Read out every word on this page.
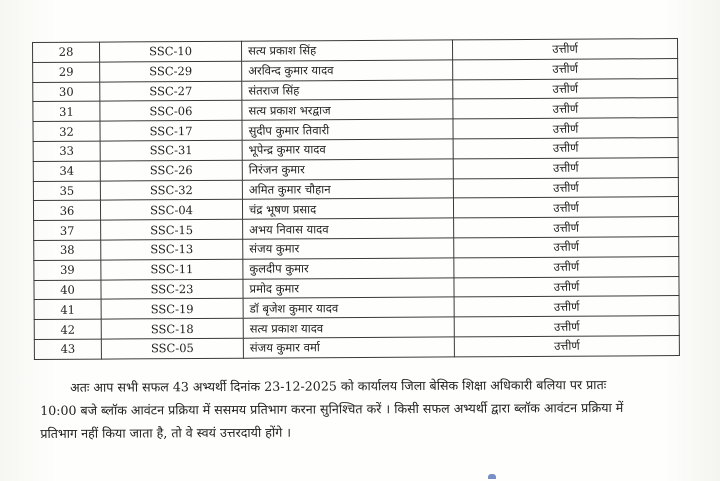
28	SSC-10	सत्य प्रकाश सिंह	उत्तीर्ण
29	SSC-29	अरविन्द कुमार यादव	उत्तीर्ण
30	SSC-27	संतराज सिंह	उत्तीर्ण
31	SSC-06	सत्य प्रकाश भरद्वाज	उत्तीर्ण
32	SSC-17	सुदीप कुमार तिवारी	उत्तीर्ण
33	SSC-31	भूपेन्द्र कुमार यादव	उत्तीर्ण
34	SSC-26	निरंजन कुमार	उत्तीर्ण
35	SSC-32	अमित कुमार चौहान	उत्तीर्ण
36	SSC-04	चंद्र भूषण प्रसाद	उत्तीर्ण
37	SSC-15	अभय निवास यादव	उत्तीर्ण
38	SSC-13	संजय कुमार	उत्तीर्ण
39	SSC-11	कुलदीप कुमार	उत्तीर्ण
40	SSC-23	प्रमोद कुमार	उत्तीर्ण
41	SSC-19	डॉ बृजेश कुमार यादव	उत्तीर्ण
42	SSC-18	सत्य प्रकाश यादव	उत्तीर्ण
43	SSC-05	संजय कुमार वर्मा	उत्तीर्ण
अतः आप सभी सफल 43 अभ्यर्थी दिनांक 23-12-2025 को कार्यालय जिला बेसिक शिक्षा अधिकारी बलिया पर प्रातः
10:00 बजे ब्लॉक आवंटन प्रक्रिया में ससमय प्रतिभाग करना सुनिश्चित करें । किसी सफल अभ्यर्थी द्वारा ब्लॉक आवंटन प्रक्रिया में
प्रतिभाग नहीं किया जाता है, तो वे स्वयं उत्तरदायी होंगे ।
